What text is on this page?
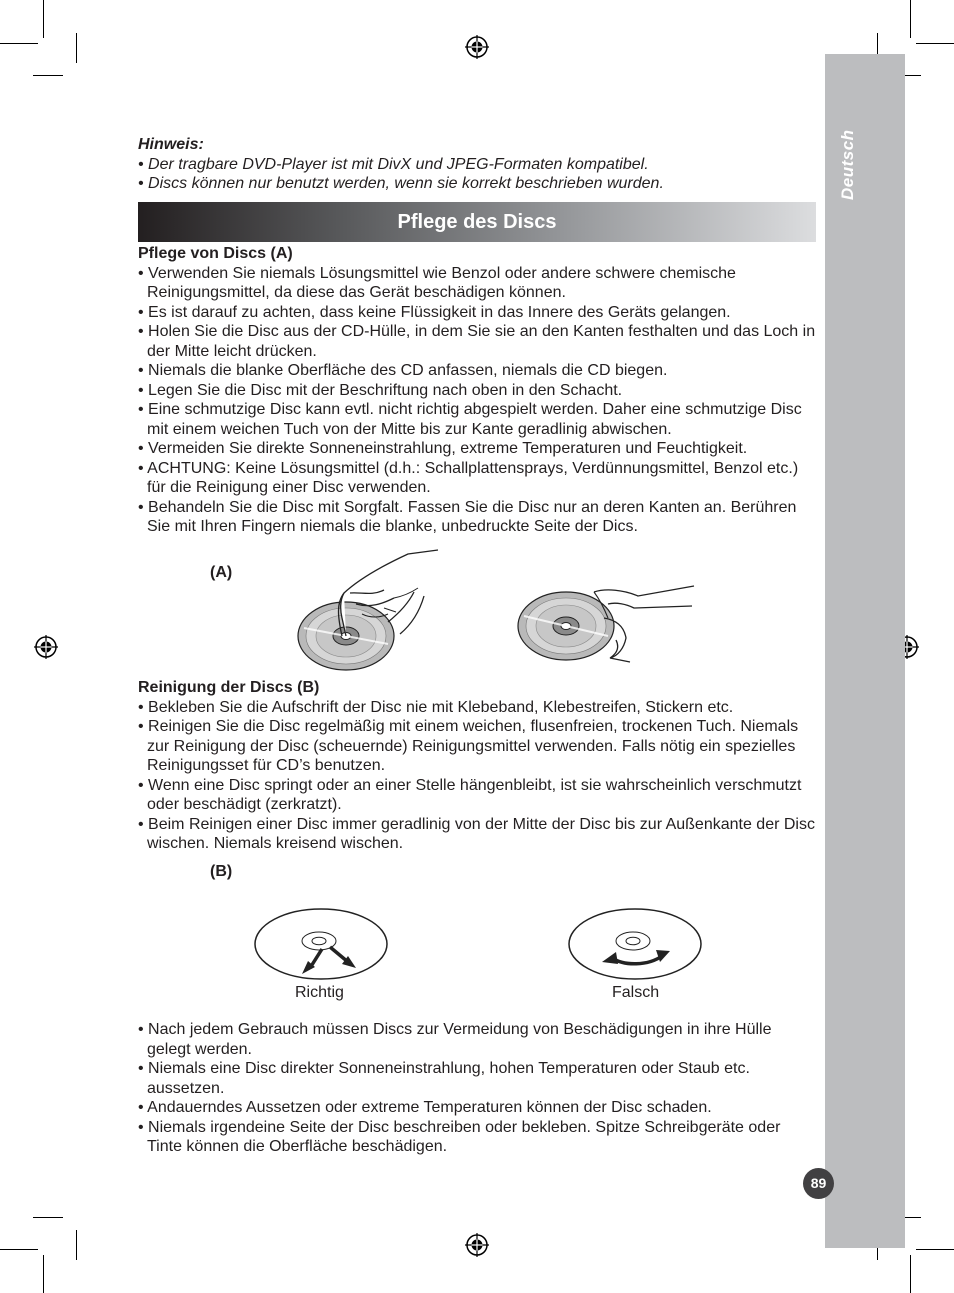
Deutsch
89
Hinweis:
• Der tragbare DVD-Player ist mit DivX und JPEG-Formaten kompatibel.
• Discs können nur benutzt werden, wenn sie korrekt beschrieben wurden.
Pflege des Discs
Pflege von Discs (A)
• Verwenden Sie niemals Lösungsmittel wie Benzol oder andere schwere chemische Reinigungsmittel, da diese das Gerät beschädigen können.
• Es ist darauf zu achten, dass keine Flüssigkeit in das Innere des Geräts gelangen.
• Holen Sie die Disc aus der CD-Hülle, in dem Sie sie an den Kanten festhalten und das Loch in der Mitte leicht drücken.
• Niemals die blanke Oberfläche des CD anfassen, niemals die CD biegen.
• Legen Sie die Disc mit der Beschriftung nach oben in den Schacht.
• Eine schmutzige Disc kann evtl. nicht richtig abgespielt werden. Daher eine schmutzige Disc mit einem weichen Tuch von der Mitte bis zur Kante geradlinig abwischen.
• Vermeiden Sie direkte Sonneneinstrahlung, extreme Temperaturen und Feuchtigkeit.
• ACHTUNG: Keine Lösungsmittel (d.h.: Schallplattensprays, Verdünnungsmittel, Benzol etc.) für die Reinigung einer Disc verwenden.
• Behandeln Sie die Disc mit Sorgfalt. Fassen Sie die Disc nur an deren Kanten an. Berühren Sie mit Ihren Fingern niemals die blanke, unbedruckte Seite der Dics.
(A)
Reinigung der Discs (B)
• Bekleben Sie die Aufschrift der Disc nie mit Klebeband, Klebestreifen, Stickern etc.
• Reinigen Sie die Disc regelmäßig mit einem weichen, flusenfreien, trockenen Tuch. Niemals zur Reinigung der Disc (scheuernde) Reinigungsmittel verwenden. Falls nötig ein spezielles Reinigungsset für CD’s benutzen.
• Wenn eine Disc springt oder an einer Stelle hängenbleibt, ist sie wahrscheinlich verschmutzt oder beschädigt (zerkratzt).
• Beim Reinigen einer Disc immer geradlinig von der Mitte der Disc bis zur Außenkante der Disc wischen. Niemals kreisend wischen.
(B)
Richtig	Falsch
• Nach jedem Gebrauch müssen Discs zur Vermeidung von Beschädigungen in ihre Hülle gelegt werden.
• Niemals eine Disc direkter Sonneneinstrahlung, hohen Temperaturen oder Staub etc. aussetzen.
• Andauerndes Aussetzen oder extreme Temperaturen können der Disc schaden.
• Niemals irgendeine Seite der Disc beschreiben oder bekleben. Spitze Schreibgeräte oder Tinte können die Oberfläche beschädigen.
